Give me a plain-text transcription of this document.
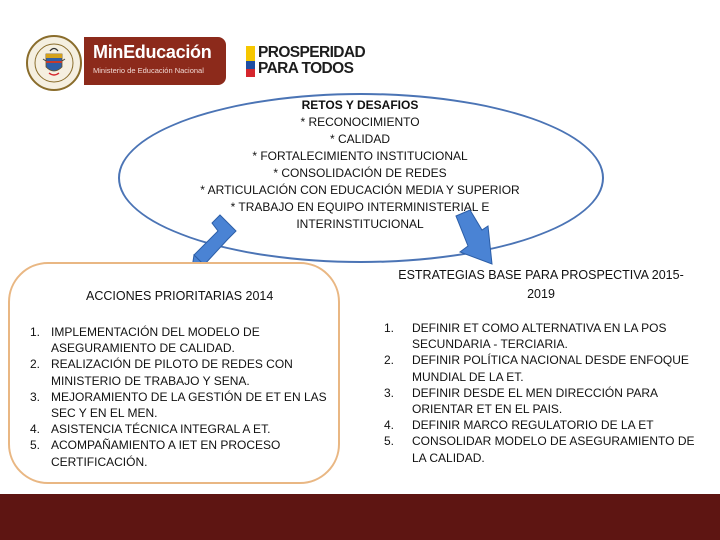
MinEducación
Ministerio de Educación Nacional
PROSPERIDAD
PARA TODOS
RETOS Y DESAFIOS
* RECONOCIMIENTO
* CALIDAD
* FORTALECIMIENTO INSTITUCIONAL
* CONSOLIDACIÓN DE REDES
* ARTICULACIÓN CON EDUCACIÓN MEDIA Y SUPERIOR
* TRABAJO EN EQUIPO INTERMINISTERIAL E
INTERINSTITUCIONAL
ACCIONES PRIORITARIAS 2014
1. IMPLEMENTACIÓN DEL MODELO DE
ASEGURAMIENTO DE CALIDAD.
2. REALIZACIÓN DE PILOTO DE REDES CON
MINISTERIO DE TRABAJO Y SENA.
3. MEJORAMIENTO DE LA GESTIÓN DE ET EN LAS
SEC Y EN EL MEN.
4. ASISTENCIA TÉCNICA INTEGRAL A ET.
5. ACOMPAÑAMIENTO A IET EN PROCESO
CERTIFICACIÓN.
ESTRATEGIAS BASE PARA PROSPECTIVA 2015-
2019
1.	DEFINIR ET COMO ALTERNATIVA EN LA POS
SECUNDARIA - TERCIARIA.
2.	DEFINIR POLÍTICA NACIONAL DESDE ENFOQUE
MUNDIAL DE LA ET.
3.	DEFINIR DESDE EL MEN DIRECCIÓN PARA
ORIENTAR ET EN EL PAIS.
4.	DEFINIR MARCO REGULATORIO DE LA ET
5.	CONSOLIDAR MODELO DE ASEGURAMIENTO DE
LA CALIDAD.
